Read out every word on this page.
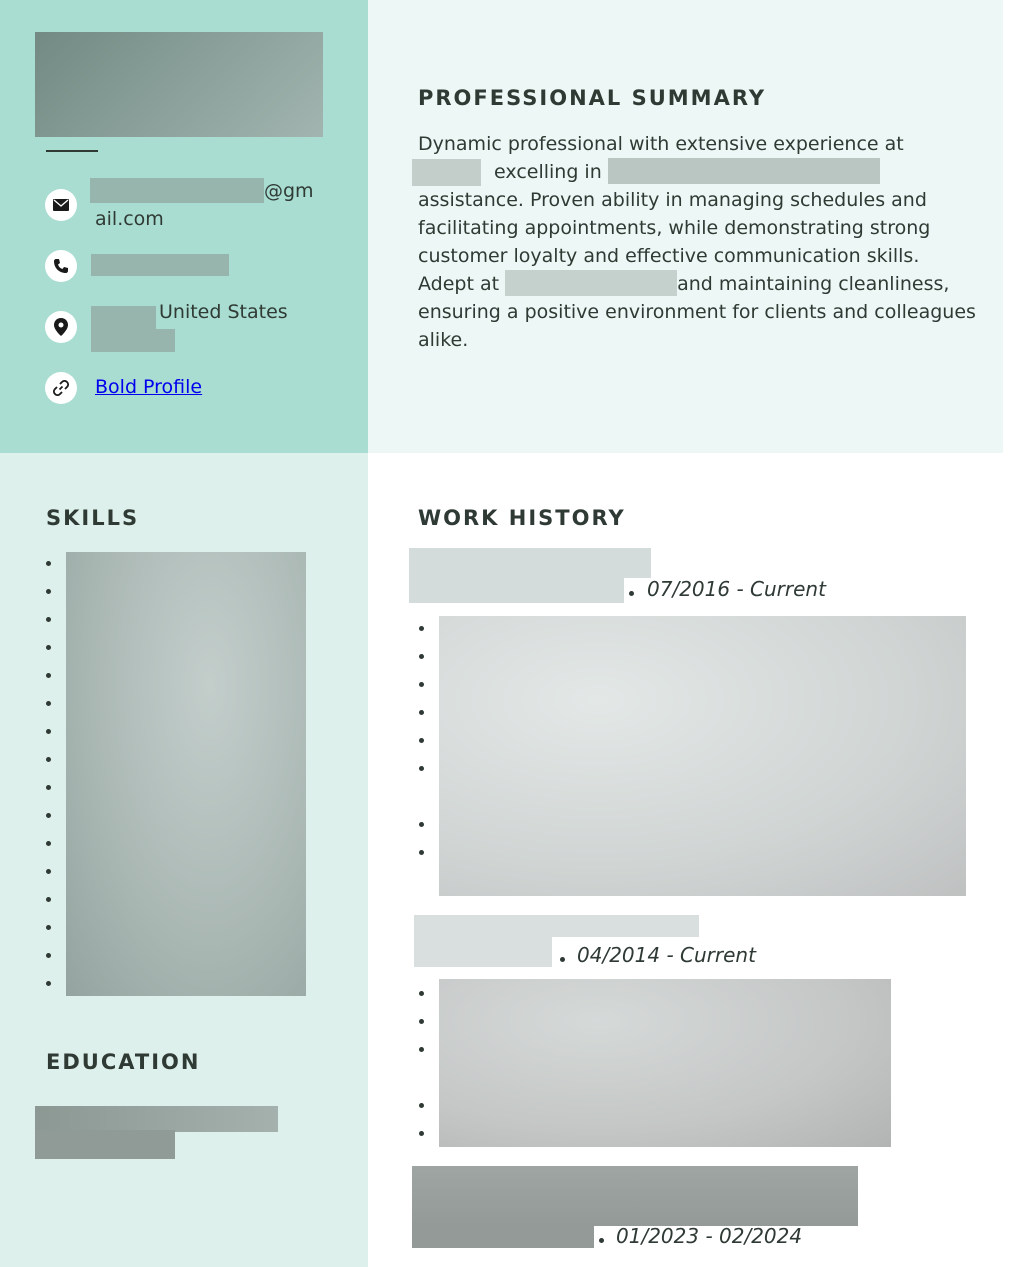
@gm
ail.com
United States
Bold Profile
PROFESSIONAL SUMMARY

Dynamic professional with extensive experience at
excelling in  assistance. Proven ability in managing schedules and facilitating appointments, while demonstrating strong customer loyalty and effective communication skills. Adept at	and maintaining cleanliness, ensuring a positive environment for clients and colleagues alike.

SKILLS
EDUCATION
WORK HISTORY
07/2016 - Current
04/2014 - Current
01/2023 - 02/2024
